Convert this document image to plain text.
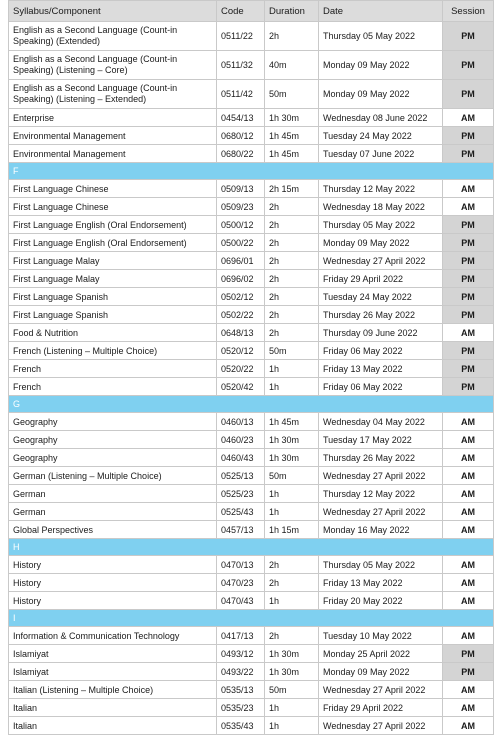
Syllabus/Component	Code	Duration	Date	Session
English as a Second Language (Count-in Speaking) (Extended)	0511/22	2h	Thursday 05 May 2022	PM
English as a Second Language (Count-in Speaking) (Listening – Core)	0511/32	40m	Monday 09 May 2022	PM
English as a Second Language (Count-in Speaking) (Listening – Extended)	0511/42	50m	Monday 09 May 2022	PM
Enterprise	0454/13	1h 30m	Wednesday 08 June 2022	AM
Environmental Management	0680/12	1h 45m	Tuesday 24 May 2022	PM
Environmental Management	0680/22	1h 45m	Tuesday 07 June 2022	PM
F				
First Language Chinese	0509/13	2h 15m	Thursday 12 May 2022	AM
First Language Chinese	0509/23	2h	Wednesday 18 May 2022	AM
First Language English (Oral Endorsement)	0500/12	2h	Thursday 05 May 2022	PM
First Language English (Oral Endorsement)	0500/22	2h	Monday 09 May 2022	PM
First Language Malay	0696/01	2h	Wednesday 27 April 2022	PM
First Language Malay	0696/02	2h	Friday 29 April 2022	PM
First Language Spanish	0502/12	2h	Tuesday 24 May 2022	PM
First Language Spanish	0502/22	2h	Thursday 26 May 2022	PM
Food & Nutrition	0648/13	2h	Thursday 09 June 2022	AM
French (Listening – Multiple Choice)	0520/12	50m	Friday 06 May 2022	PM
French	0520/22	1h	Friday 13 May 2022	PM
French	0520/42	1h	Friday 06 May 2022	PM
G				
Geography	0460/13	1h 45m	Wednesday 04 May 2022	AM
Geography	0460/23	1h 30m	Tuesday 17 May 2022	AM
Geography	0460/43	1h 30m	Thursday 26 May 2022	AM
German (Listening – Multiple Choice)	0525/13	50m	Wednesday 27 April 2022	AM
German	0525/23	1h	Thursday 12 May 2022	AM
German	0525/43	1h	Wednesday 27 April 2022	AM
Global Perspectives	0457/13	1h 15m	Monday 16 May 2022	AM
H				
History	0470/13	2h	Thursday 05 May 2022	AM
History	0470/23	2h	Friday 13 May 2022	AM
History	0470/43	1h	Friday 20 May 2022	AM
I				
Information & Communication Technology	0417/13	2h	Tuesday 10 May 2022	AM
Islamiyat	0493/12	1h 30m	Monday 25 April 2022	PM
Islamiyat	0493/22	1h 30m	Monday 09 May 2022	PM
Italian (Listening – Multiple Choice)	0535/13	50m	Wednesday 27 April 2022	AM
Italian	0535/23	1h	Friday 29 April 2022	AM
Italian	0535/43	1h	Wednesday 27 April 2022	AM
